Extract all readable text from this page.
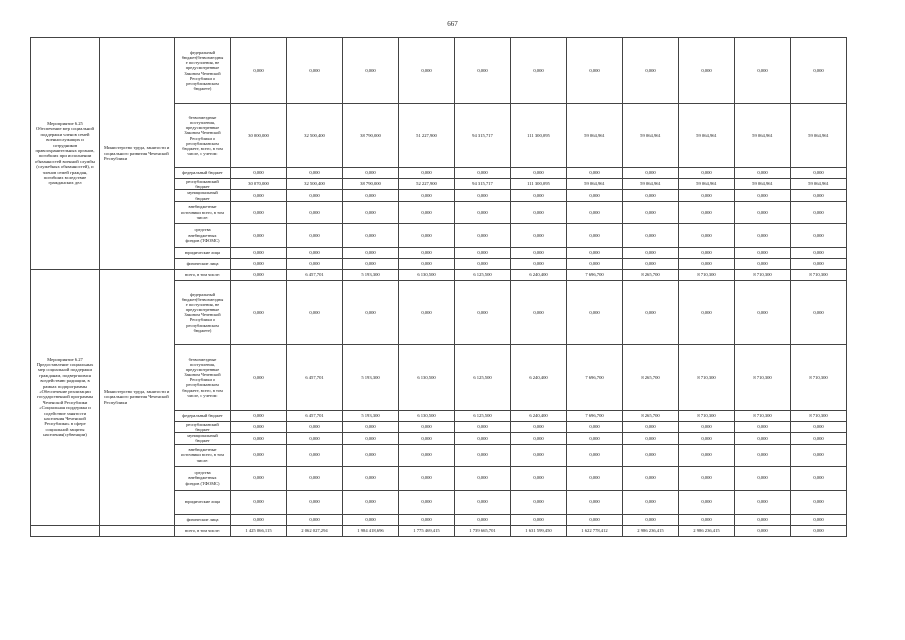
667
Мероприятие 6.25 Обеспечение мер социальной поддержки членов семей военнослужащих и сотрудников правоохранительных органов, погибших при исполнении обязанностей военной службы (служебных обязанностей), и членов семей граждан, погибших вследствие гражданских дел	Министерство труда, занятости и социального развития Чеченской Республики	федеральный бюджет(безвозмездные поступления, не предусмотренные Законом Чеченской Республики о республиканском бюджете)	0,000	0,000	0,000	0,000	0,000	0,000	0,000	0,000	0,000	0,000	0,000
		безвозмездные поступления, предусмотренные Законом Чеченской Республики о республиканском бюджете, всего, в том числе, с учетом:	30 000,000	32 500,400	38 790,000	51 227,900	94 315,717	111 300,095	59 064,961	59 064,961	59 064,961	59 064,961	59 064,961
		федеральный бюджет	0,000	0,000	0,000	0,000	0,000	0,000	0,000	0,000	0,000	0,000	0,000
		республиканский бюджет	30 070,000	32 500,400	38 790,000	52 227,900	94 315,717	111 300,095	59 064,961	59 064,961	59 064,961	59 064,961	59 064,961
		муниципальный бюджет	0,000	0,000	0,000	0,000	0,000	0,000	0,000	0,000	0,000	0,000	0,000
		внебюджетные источники всего, в том числе:	0,000	0,000	0,000	0,000	0,000	0,000	0,000	0,000	0,000	0,000	0,000
		средства внебюджетных фондов (ТФОМС)	0,000	0,000	0,000	0,000	0,000	0,000	0,000	0,000	0,000	0,000	0,000
		юридические лица	0,000	0,000	0,000	0,000	0,000	0,000	0,000	0,000	0,000	0,000	0,000
		физические лица	0,000	0,000	0,000	0,000	0,000	0,000	0,000	0,000	0,000	0,000	0,000
Мероприятие 6.27 Предоставление социальных мер социальной поддержки гражданам, подвергшимся воздействию радиации, в рамках подпрограммы «Обеспечение реализации государственной программы Чеченской Республики «Социальная поддержка и содействие занятости населения Чеченской Республики» в сфере социальной защиты населения(субвенции)	Министерство труда, занятости и социального развития Чеченской Республики	всего, в том числе:	0,000	6 457,701	5 193,300	6 130,500	6 125,500	6 240,400	7 696,700	8 265,700	8 710,300	8 710,300	8 710,300
		федеральный бюджет(безвозмездные поступления, не предусмотренные Законом Чеченской Республики о республиканском бюджете)	0,000	0,000	0,000	0,000	0,000	0,000	0,000	0,000	0,000	0,000	0,000
		безвозмездные поступления, предусмотренные Законом Чеченской Республики о республиканском бюджете, всего, в том числе, с учетом:	0,000	6 457,701	5 193,300	6 130,500	6 125,500	6 240,400	7 696,700	8 265,700	8 710,300	8 710,300	8 710,300
		федеральный бюджет	0,000	6 457,701	5 193,300	6 130,500	6 125,500	6 240,400	7 696,700	8 265,700	8 710,300	8 710,300	8 710,300
		республиканский бюджет	0,000	0,000	0,000	0,000	0,000	0,000	0,000	0,000	0,000	0,000	0,000
		муниципальный бюджет	0,000	0,000	0,000	0,000	0,000	0,000	0,000	0,000	0,000	0,000	0,000
		внебюджетные источники всего, в том числе:	0,000	0,000	0,000	0,000	0,000	0,000	0,000	0,000	0,000	0,000	0,000
		средства внебюджетных фондов (ТФОМС)	0,000	0,000	0,000	0,000	0,000	0,000	0,000	0,000	0,000	0,000	0,000
		юридические лица	0,000	0,000	0,000	0,000	0,000	0,000	0,000	0,000	0,000	0,000	0,000
		физические лица	0,000	0,000	0,000	0,000	0,000	0,000	0,000	0,000	0,000	0,000	0,000
		всего, в том числе:	1 425 066,115	2 062 027,294	1 984 418,696	1 775 469,415	1 739 665,701	1 631 599,450	1 622 778,412	2 986 236,415	2 986 236,415	0,000	0,000
